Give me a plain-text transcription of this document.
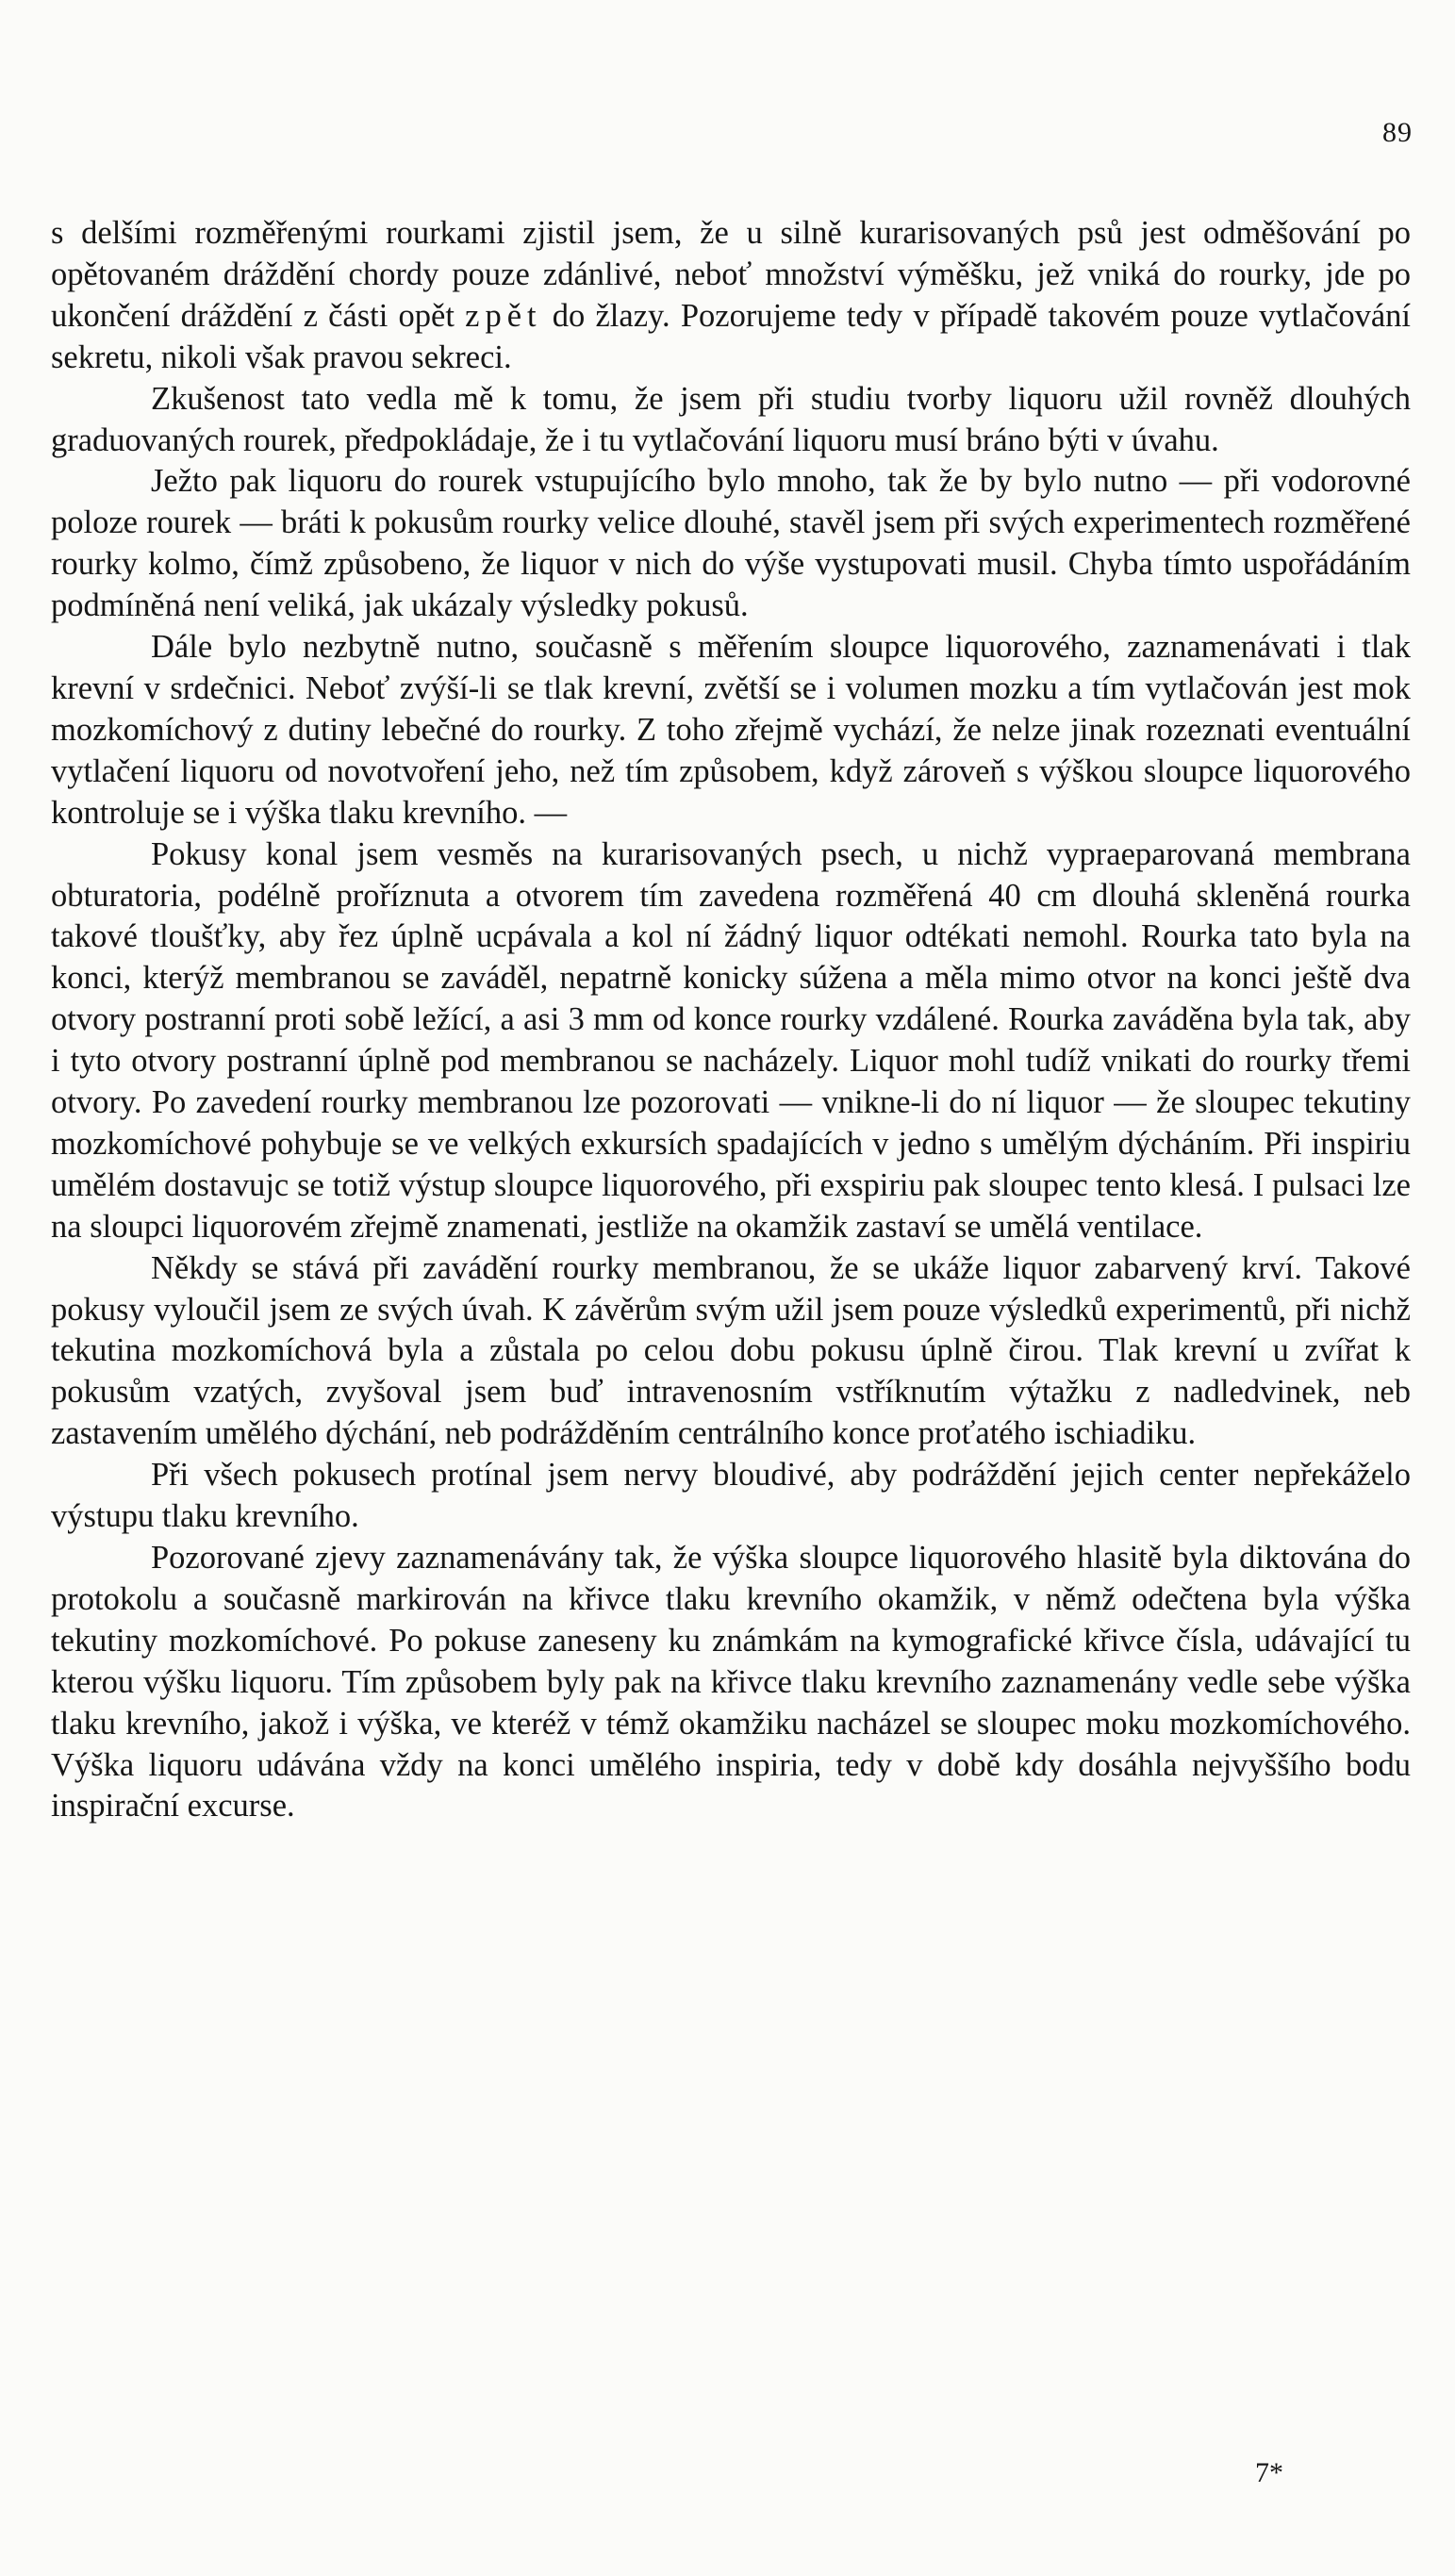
89

s delšími rozměřenými rourkami zjistil jsem, že u silně kurarisovaných psů jest odměšování po opětovaném dráždění chordy pouze zdánlivé, neboť množství výměšku, jež vniká do rourky, jde po ukončení dráždění z části opět zpět do žlazy. Pozorujeme tedy v případě takovém pouze vytlačování sekretu, nikoli však pravou sekreci.

Zkušenost tato vedla mě k tomu, že jsem při studiu tvorby liquoru užil rovněž dlouhých graduovaných rourek, předpokládaje, že i tu vytlačování liquoru musí bráno býti v úvahu.

Ježto pak liquoru do rourek vstupujícího bylo mnoho, tak že by bylo nutno — při vodorovné poloze rourek — bráti k pokusům rourky velice dlouhé, stavěl jsem při svých experimentech rozměřené rourky kolmo, čímž způsobeno, že liquor v nich do výše vystupovati musil. Chyba tímto uspořádáním podmíněná není veliká, jak ukázaly výsledky pokusů.

Dále bylo nezbytně nutno, současně s měřením sloupce liquorového, zaznamenávati i tlak krevní v srdečnici. Neboť zvýší-li se tlak krevní, zvětší se i volumen mozku a tím vytlačován jest mok mozkomíchový z dutiny lebečné do rourky. Z toho zřejmě vychází, že nelze jinak rozeznati eventuální vytlačení liquoru od novotvoření jeho, než tím způsobem, když zároveň s výškou sloupce liquorového kontroluje se i výška tlaku krevního. —

Pokusy konal jsem vesměs na kurarisovaných psech, u nichž vypraeparovaná membrana obturatoria, podélně proříznuta a otvorem tím zavedena rozměřená 40 cm dlouhá skleněná rourka takové tloušťky, aby řez úplně ucpávala a kol ní žádný liquor odtékati nemohl. Rourka tato byla na konci, kterýž membranou se zaváděl, nepatrně konicky súžena a měla mimo otvor na konci ještě dva otvory postranní proti sobě ležící, a asi 3 mm od konce rourky vzdálené. Rourka zaváděna byla tak, aby i tyto otvory postranní úplně pod membranou se nacházely. Liquor mohl tudíž vnikati do rourky třemi otvory. Po zavedení rourky membranou lze pozorovati — vnikne-li do ní liquor — že sloupec tekutiny mozkomíchové pohybuje se ve velkých exkursích spadajících v jedno s umělým dýcháním. Při inspiriu umělém dostavujc se totiž výstup sloupce liquorového, při exspiriu pak sloupec tento klesá. I pulsaci lze na sloupci liquorovém zřejmě znamenati, jestliže na okamžik zastaví se umělá ventilace.

Někdy se stává při zavádění rourky membranou, že se ukáže liquor zabarvený krví. Takové pokusy vyloučil jsem ze svých úvah. K závěrům svým užil jsem pouze výsledků experimentů, při nichž tekutina mozkomíchová byla a zůstala po celou dobu pokusu úplně čirou. Tlak krevní u zvířat k pokusům vzatých, zvyšoval jsem buď intravenosním vstříknutím výtažku z nadledvinek, neb zastavením umělého dýchání, neb podrážděním centrálního konce proťatého ischiadiku.

Při všech pokusech protínal jsem nervy bloudivé, aby podráždění jejich center nepřekáželo výstupu tlaku krevního.

Pozorované zjevy zaznamenávány tak, že výška sloupce liquorového hlasitě byla diktována do protokolu a současně markirován na křivce tlaku krevního okamžik, v němž odečtena byla výška tekutiny mozkomíchové. Po pokuse zaneseny ku známkám na kymografické křivce čísla, udávající tu kterou výšku liquoru. Tím způsobem byly pak na křivce tlaku krevního zaznamenány vedle sebe výška tlaku krevního, jakož i výška, ve kteréž v témž okamžiku nacházel se sloupec moku mozkomíchového. Výška liquoru udávána vždy na konci umělého inspiria, tedy v době kdy dosáhla nejvyššího bodu inspirační excurse.

7*
